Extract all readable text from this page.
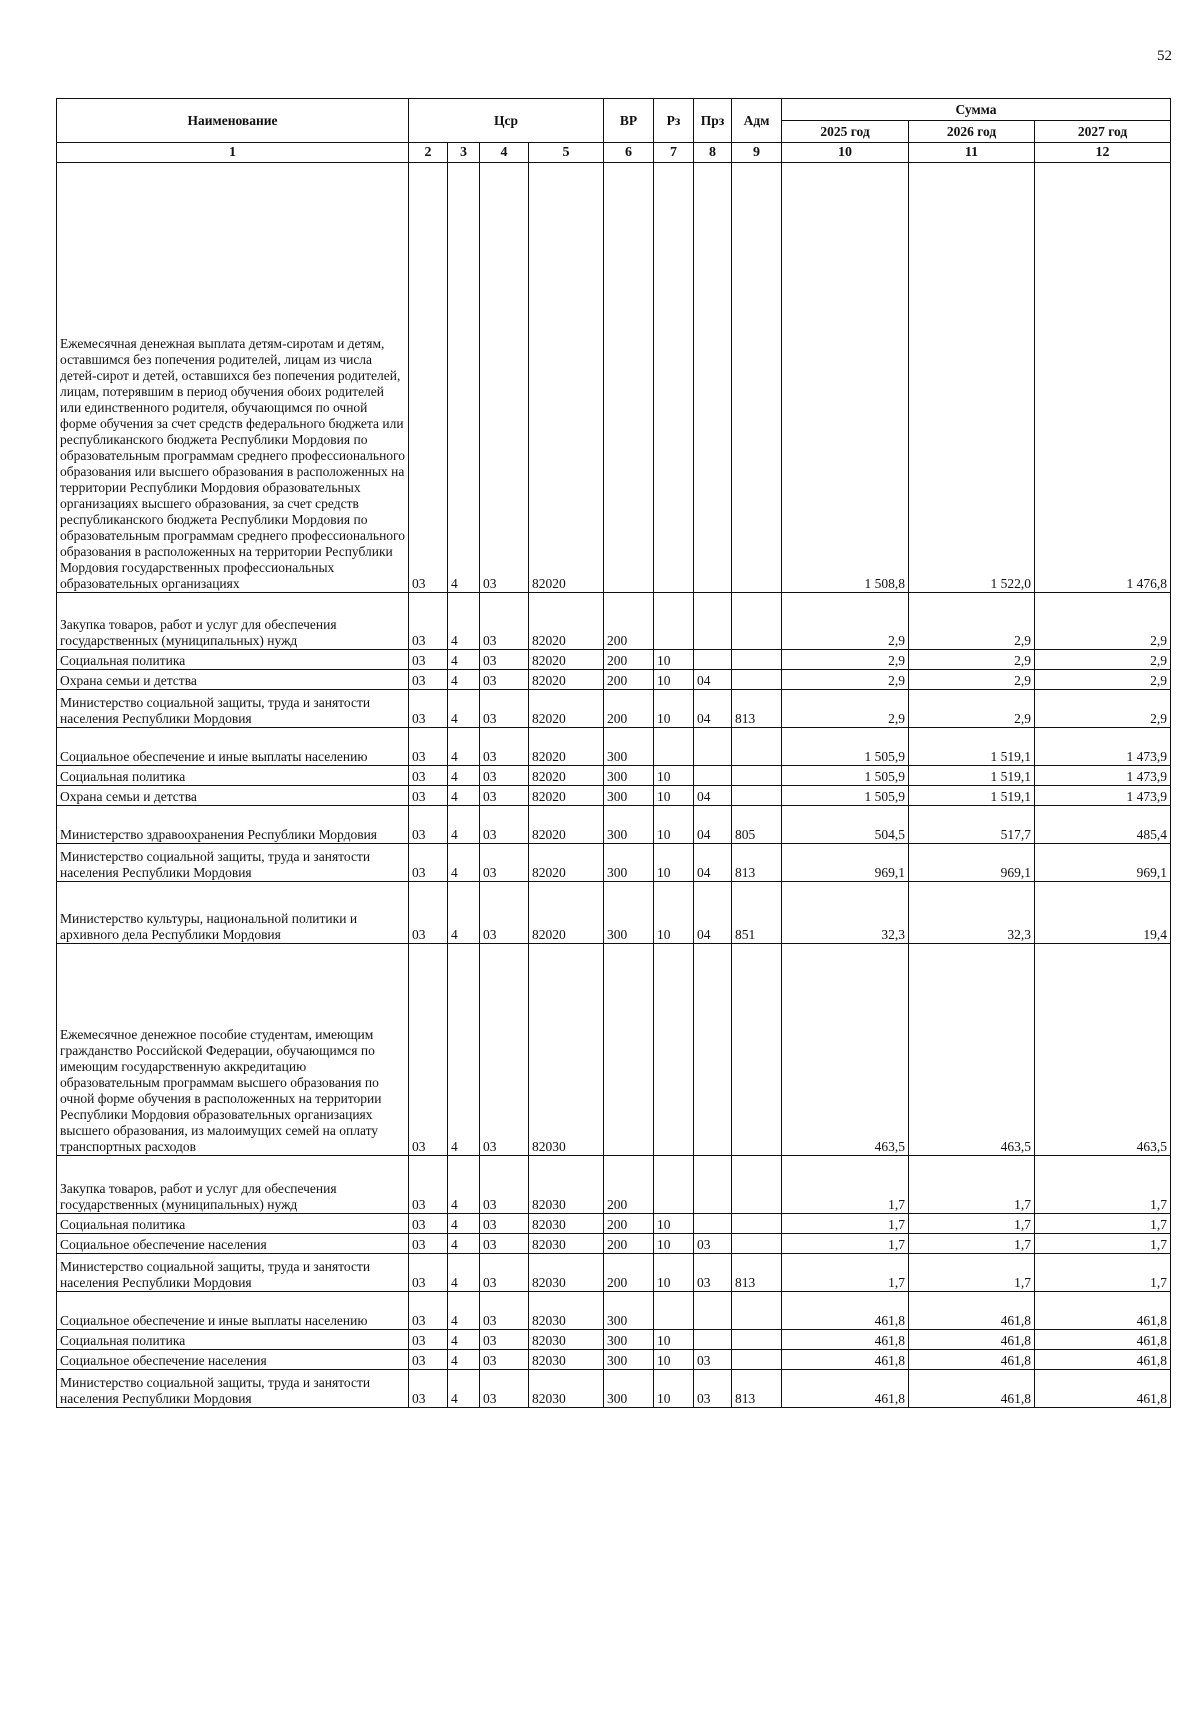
52
Наименование	Цср				ВР	Рз	Прз	Адм	Сумма		
									2025 год	2026 год	2027 год
1	2	3	4	5	6	7	8	9	10	11	12
Ежемесячная денежная выплата детям-сиротам и детям, оставшимся без попечения родителей, лицам из числа детей-сирот и детей, оставшихся без попечения родителей, лицам, потерявшим в период обучения обоих родителей или единственного родителя, обучающимся по очной форме обучения за счет средств федерального бюджета или республиканского бюджета Республики Мордовия по образовательным программам среднего профессионального образования или высшего образования в расположенных на территории Республики Мордовия образовательных организациях высшего образования, за счет средств республиканского бюджета Республики Мордовия по образовательным программам среднего профессионального образования в расположенных на территории Республики Мордовия государственных профессиональных образовательных организациях	03	4	03	82020					1 508,8	1 522,0	1 476,8
Закупка товаров, работ и услуг для обеспечения государственных (муниципальных) нужд	03	4	03	82020	200				2,9	2,9	2,9
Социальная политика	03	4	03	82020	200	10			2,9	2,9	2,9
Охрана семьи и детства	03	4	03	82020	200	10	04		2,9	2,9	2,9
Министерство социальной защиты, труда и занятости населения Республики Мордовия	03	4	03	82020	200	10	04	813	2,9	2,9	2,9
Социальное обеспечение и иные выплаты населению	03	4	03	82020	300				1 505,9	1 519,1	1 473,9
Социальная политика	03	4	03	82020	300	10			1 505,9	1 519,1	1 473,9
Охрана семьи и детства	03	4	03	82020	300	10	04		1 505,9	1 519,1	1 473,9
Министерство здравоохранения Республики Мордовия	03	4	03	82020	300	10	04	805	504,5	517,7	485,4
Министерство социальной защиты, труда и занятости населения Республики Мордовия	03	4	03	82020	300	10	04	813	969,1	969,1	969,1
Министерство культуры, национальной политики и архивного дела Республики Мордовия	03	4	03	82020	300	10	04	851	32,3	32,3	19,4
Ежемесячное денежное пособие студентам, имеющим гражданство Российской Федерации, обучающимся по имеющим государственную аккредитацию образовательным программам высшего образования по очной форме обучения в расположенных на территории Республики Мордовия образовательных организациях высшего образования, из малоимущих семей на оплату транспортных расходов	03	4	03	82030					463,5	463,5	463,5
Закупка товаров, работ и услуг для обеспечения государственных (муниципальных) нужд	03	4	03	82030	200				1,7	1,7	1,7
Социальная политика	03	4	03	82030	200	10			1,7	1,7	1,7
Социальное обеспечение населения	03	4	03	82030	200	10	03		1,7	1,7	1,7
Министерство социальной защиты, труда и занятости населения Республики Мордовия	03	4	03	82030	200	10	03	813	1,7	1,7	1,7
Социальное обеспечение и иные выплаты населению	03	4	03	82030	300				461,8	461,8	461,8
Социальная политика	03	4	03	82030	300	10			461,8	461,8	461,8
Социальное обеспечение населения	03	4	03	82030	300	10	03		461,8	461,8	461,8
Министерство социальной защиты, труда и занятости населения Республики Мордовия	03	4	03	82030	300	10	03	813	461,8	461,8	461,8
